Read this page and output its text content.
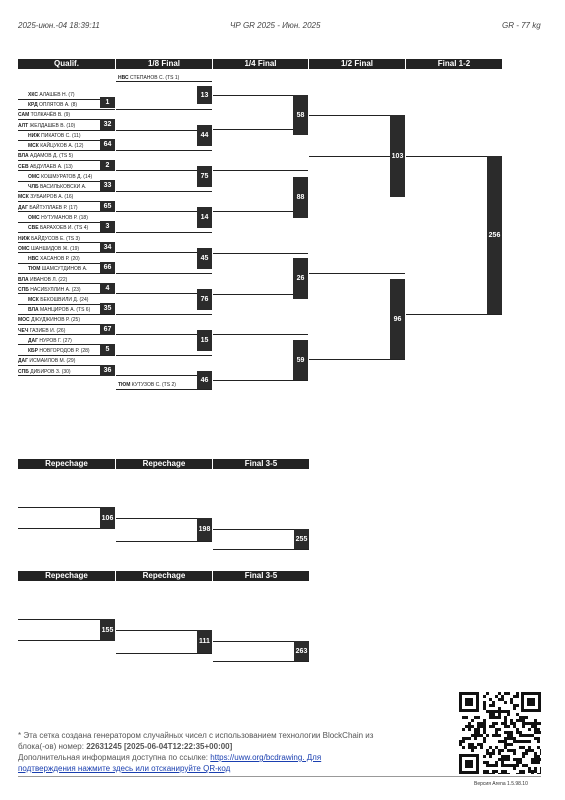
2025-июн.-04 18:39:11	ЧР GR 2025 - Июн. 2025	GR - 77 kg
Qualif.	1/8 Final	1/4 Final	1/2 Final	Final 1-2
НВС СТЕПАНОВ С. (TS 1)
ТЮМ КУТУЗОВ С. (TS 2)
ХКС АЛАШЕВ Н. (7)
КРД ОПЛЯТОВ А. (8)
САМ ТОЛКАЧЁВ В. (9)
АЛТ ЖЕЛДАШЕВ В. (10)
НИЖ ПИКАТОВ С. (11)
МСК КАЙЦУКОВ А. (12)
ВЛА АДАМОВ Д. (TS 5)
СЕВ АБДУЛАЕВ А. (13)
ОМС КОШМУРАТОВ Д. (14)
ЧЛБ ВАСИЛЬКОВСКИ А.
МСК ЗУБАИРОВ А. (16)
ДАГ БАЙТУЛЛАЕВ Р. (17)
ОМС НУТУМАНОВ Р. (18)
СВЕ БАРАХОЕВ И. (TS 4)
НИЖ БАЙДУСОВ Е. (TS 3)
ОМС ШАНШИДОВ Ж. (19)
НВС ХАСАНОВ Р. (20)
ТЮМ ШАМСУТДИНОВ А.
ВЛА ИВАНОВ Л. (22)
СПБ НАСИБУЛЛИН А. (23)
МСК БЕКОШВИЛИ Д. (24)
ВЛА МАНЦИРОВ А. (TS 6)
МОС ДЖУДЖИНОВ Р. (25)
ЧЕЧ ГАЗИЕВ И. (26)
ДАГ НУРОВ Г. (27)
КБР НОВГОРОДОВ Р. (28)
ДАГ ИСМАИЛОВ М. (29)
СПБ ДИБИРОВ З. (30)
1
32
64
2
33
65
3
34
66
4
35
67
5
36
13
44
75
14
45
76
15
46
58
88
26
59
103
96
256
Repechage	Repechage	Final 3-5
106
198
255
Repechage	Repechage	Final 3-5
155
111
263
* Эта сетка создана генератором случайных чисел с использованием технологии BlockChain из
блока(-ов) номер: 22631245 [2025-06-04T12:22:35+00:00]
Дополнительная информация доступна по ссылке: https://uww.org/bcdrawing. Для
подтверждения нажмите здесь или отсканируйте QR-код
Версия Arena 1.5.98.10
